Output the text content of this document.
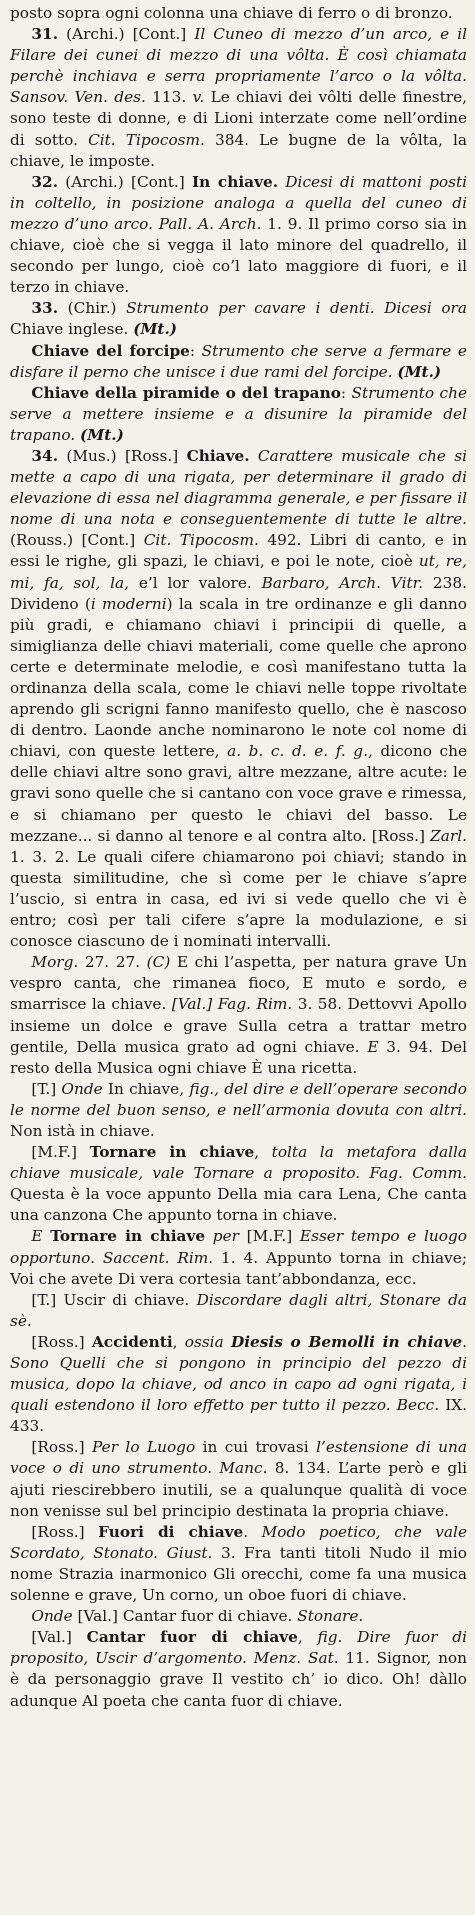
posto sopra ogni colonna una chiave di ferro o di bronzo.

31. (Archi.) [Cont.] Il Cuneo di mezzo d’un arco, e il Filare dei cunei di mezzo di una vôlta. È così chiamata perchè inchiava e serra propriamente l’arco o la vôlta. Sansov. Ven. des. 113. v. Le chiavi dei vôlti delle finestre, sono teste di donne, e di Lioni interzate come nell’ordine di sotto. Cit. Tipocosm. 384. Le bugne de la vôlta, la chiave, le imposte.

32. (Archi.) [Cont.] In chiave. Dicesi di mattoni posti in coltello, in posizione analoga a quella del cuneo di mezzo d’uno arco. Pall. A. Arch. 1. 9. Il primo corso sia in chiave, cioè che si vegga il lato minore del quadrello, il secondo per lungo, cioè co’l lato maggiore di fuori, e il terzo in chiave.

33. (Chir.) Strumento per cavare i denti. Dicesi ora Chiave inglese. (Mt.)

Chiave del forcipe: Strumento che serve a fermare e disfare il perno che unisce i due rami del forcipe. (Mt.)

Chiave della piramide o del trapano: Strumento che serve a mettere insieme e a disunire la piramide del trapano. (Mt.)

34. (Mus.) [Ross.] Chiave. Carattere musicale che si mette a capo di una rigata, per determinare il grado di elevazione di essa nel diagramma generale, e per fissare il nome di una nota e conseguentemente di tutte le altre. (Rouss.) [Cont.] Cit. Tipocosm. 492. Libri di canto, e in essi le righe, gli spazi, le chiavi, e poi le note, cioè ut, re, mi, fa, sol, la, e’l lor valore. Barbaro, Arch. Vitr. 238. Divideno (i moderni) la scala in tre ordinanze e gli danno più gradi, e chiamano chiavi i principii di quelle, a simiglianza delle chiavi materiali, come quelle che aprono certe e determinate melodie, e così manifestano tutta la ordinanza della scala, come le chiavi nelle toppe rivoltate aprendo gli scrigni fanno manifesto quello, che è nascoso di dentro. Laonde anche nominarono le note col nome di chiavi, con queste lettere, a. b. c. d. e. f. g., dicono che delle chiavi altre sono gravi, altre mezzane, altre acute: le gravi sono quelle che si cantano con voce grave e rimessa, e si chiamano per questo le chiavi del basso. Le mezzane... si danno al tenore e al contra alto. [Ross.] Zarl. 1. 3. 2. Le quali cifere chiamarono poi chiavi; stando in questa similitudine, che sì come per le chiave s’apre l’uscio, si entra in casa, ed ivi si vede quello che vi è entro; così per tali cifere s’apre la modulazione, e si conosce ciascuno de i nominati intervalli.

Morg. 27. 27. (C) E chi l’aspetta, per natura grave Un vespro canta, che rimanea fioco, E muto e sordo, e smarrisce la chiave. [Val.] Fag. Rim. 3. 58. Dettovvi Apollo insieme un dolce e grave Sulla cetra a trattar metro gentile, Della musica grato ad ogni chiave. E 3. 94. Del resto della Musica ogni chiave È una ricetta.

[T.] Onde In chiave, fig., del dire e dell’operare secondo le norme del buon senso, e nell’armonia dovuta con altri. Non istà in chiave.

[M.F.] Tornare in chiave, tolta la metafora dalla chiave musicale, vale Tornare a proposito. Fag. Comm. Questa è la voce appunto Della mia cara Lena, Che canta una canzona Che appunto torna in chiave.

E Tornare in chiave per [M.F.] Esser tempo e luogo opportuno. Saccent. Rim. 1. 4. Appunto torna in chiave; Voi che avete Di vera cortesia tant’abbondanza, ecc.

[T.] Uscir di chiave. Discordare dagli altri, Stonare da sè.

[Ross.] Accidenti, ossia Diesis o Bemolli in chiave. Sono Quelli che si pongono in principio del pezzo di musica, dopo la chiave, od anco in capo ad ogni rigata, i quali estendono il loro effetto per tutto il pezzo. Becc. IX. 433.

[Ross.] Per lo Luogo in cui trovasi l’estensione di una voce o di uno strumento. Manc. 8. 134. L’arte però e gli ajuti riescirebbero inutili, se a qualunque qualità di voce non venisse sul bel principio destinata la propria chiave.

[Ross.] Fuori di chiave. Modo poetico, che vale Scordato, Stonato. Giust. 3. Fra tanti titoli Nudo il mio nome Strazia inarmonico Gli orecchi, come fa una musica solenne e grave, Un corno, un oboe fuori di chiave.

Onde [Val.] Cantar fuor di chiave. Stonare.

[Val.] Cantar fuor di chiave, fig. Dire fuor di proposito, Uscir d’argomento. Menz. Sat. 11. Signor, non è da personaggio grave Il vestito ch’ io dico. Oh! dàllo adunque Al poeta che canta fuor di chiave.
